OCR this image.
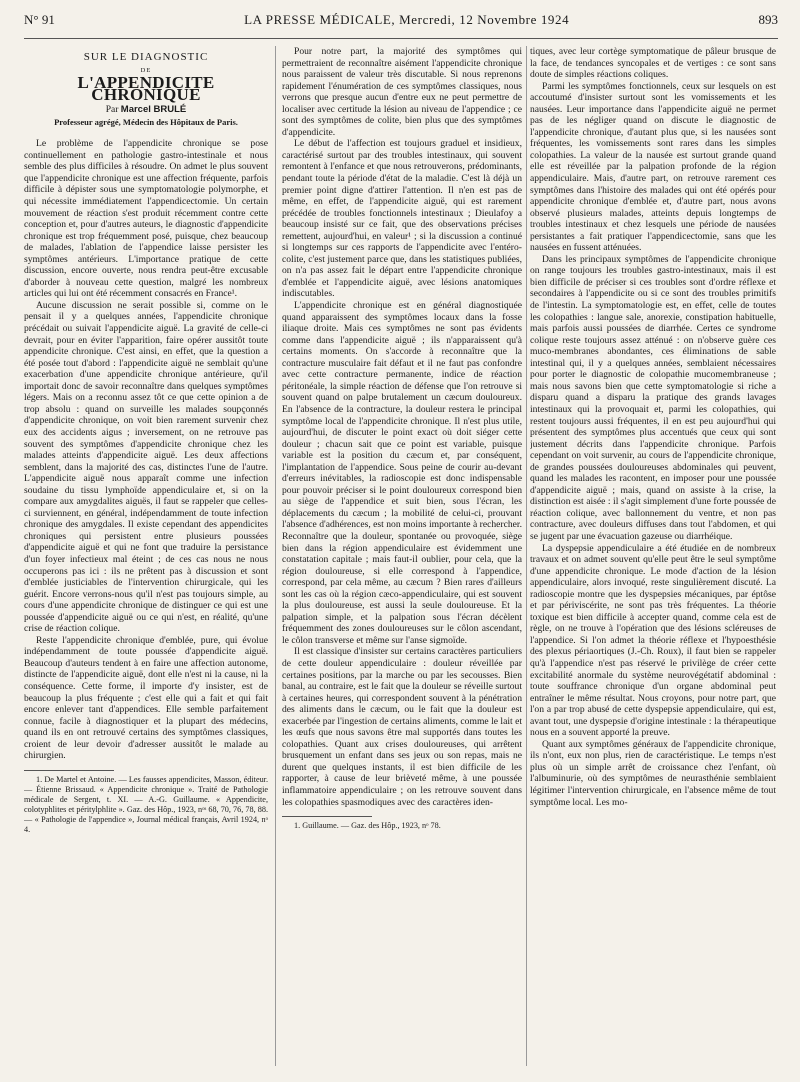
N° 91	LA PRESSE MÉDICALE, Mercredi, 12 Novembre 1924	893
SUR LE DIAGNOSTIC
DE
L'APPENDICITE CHRONIQUE
Par Marcel BRULÉ
Professeur agrégé, Médecin des Hôpitaux de Paris.

Le problème de l'appendicite chronique se pose continuellement en pathologie gastro-intestinale et nous semble des plus difficiles à résoudre. On admet le plus souvent que l'appendicite chronique est une affection fréquente, parfois difficile à dépister sous une symptomatologie polymorphe, et qui nécessite immédiatement l'appendicectomie. Un certain mouvement de réaction s'est produit récemment contre cette conception et, pour d'autres auteurs, le diagnostic d'appendicite chronique est trop fréquemment posé, puisque, chez beaucoup de malades, l'ablation de l'appendice laisse persister les symptômes antérieurs. L'importance pratique de cette discussion, encore ouverte, nous rendra peut-être excusable d'aborder à nouveau cette question, malgré les nombreux articles qui lui ont été récemment consacrés en France¹.

Aucune discussion ne serait possible si, comme on le pensait il y a quelques années, l'appendicite chronique précédait ou suivait l'appendicite aiguë. La gravité de celle-ci devrait, pour en éviter l'apparition, faire opérer aussitôt toute appendicite chronique. C'est ainsi, en effet, que la question a été posée tout d'abord : l'appendicite aiguë ne semblait qu'une exacerbation d'une appendicite chronique antérieure, qu'il importait donc de savoir reconnaître dans quelques symptômes légers. Mais on a reconnu assez tôt ce que cette opinion a de trop absolu : quand on surveille les malades soupçonnés d'appendicite chronique, on voit bien rarement survenir chez eux des accidents aigus ; inversement, on ne retrouve pas souvent des symptômes d'appendicite chronique chez les malades atteints d'appendicite aiguë. Les deux affections semblent, dans la majorité des cas, distinctes l'une de l'autre. L'appendicite aiguë nous apparaît comme une infection soudaine du tissu lymphoïde appendiculaire et, si on la compare aux amygdalites aiguës, il faut se rappeler que celles-ci surviennent, en général, indépendamment de toute infection chronique des amygdales. Il existe cependant des appendicites chroniques qui persistent entre plusieurs poussées d'appendicite aiguë et qui ne font que traduire la persistance d'un foyer infectieux mal éteint ; de ces cas nous ne nous occuperons pas ici : ils ne prêtent pas à discussion et sont d'emblée justiciables de l'intervention chirurgicale, qui les guérit. Encore verrons-nous qu'il n'est pas toujours simple, au cours d'une appendicite chronique de distinguer ce qui est une poussée d'appendicite aiguë ou ce qui n'est, en réalité, qu'une crise de réaction colique.

Reste l'appendicite chronique d'emblée, pure, qui évolue indépendamment de toute poussée d'appendicite aiguë. Beaucoup d'auteurs tendent à en faire une affection autonome, distincte de l'appendicite aiguë, dont elle n'est ni la cause, ni la conséquence. Cette forme, il importe d'y insister, est de beaucoup la plus fréquente ; c'est elle qui a fait et qui fait encore enlever tant d'appendices. Elle semble parfaitement connue, facile à diagnostiquer et la plupart des médecins, quand ils en ont retrouvé certains des symptômes classiques, croient de leur devoir d'adresser aussitôt le malade au chirurgien.

1. De Martel et Antoine. — Les fausses appendicites, Masson, éditeur. — Étienne Brissaud. « Appendicite chronique ». Traité de Pathologie médicale de Sergent, t. XI. — A.-G. Guillaume. « Appendicite, colotyphlites et péritylphlite ». Gaz. des Hôp., 1923, nᵒˢ 68, 70, 76, 78, 88. — « Pathologie de l'appendice », Journal médical français, Avril 1924, nᵒ 4.

Pour notre part, la majorité des symptômes qui permettraient de reconnaître aisément l'appendicite chronique nous paraissent de valeur très discutable. Si nous reprenons rapidement l'énumération de ces symptômes classiques, nous verrons que presque aucun d'entre eux ne peut permettre de localiser avec certitude la lésion au niveau de l'appendice ; ce sont des symptômes de colite, bien plus que des symptômes d'appendicite.

Le début de l'affection est toujours graduel et insidieux, caractérisé surtout par des troubles intestinaux, qui souvent remontent à l'enfance et que nous retrouverons, prédominants, pendant toute la période d'état de la maladie. C'est là déjà un premier point digne d'attirer l'attention. Il n'en est pas de même, en effet, de l'appendicite aiguë, qui est rarement précédée de troubles fonctionnels intestinaux ; Dieulafoy a beaucoup insisté sur ce fait, que des observations précises remettent, aujourd'hui, en valeur¹ ; si la discussion a continué si longtemps sur ces rapports de l'appendicite avec l'entéro-colite, c'est justement parce que, dans les statistiques publiées, on n'a pas assez fait le départ entre l'appendicite chronique d'emblée et l'appendicite aiguë, avec lésions anatomiques indiscutables.

L'appendicite chronique est en général diagnostiquée quand apparaissent des symptômes locaux dans la fosse iliaque droite. Mais ces symptômes ne sont pas évidents comme dans l'appendicite aiguë ; ils n'apparaissent qu'à certains moments. On s'accorde à reconnaître que la contracture musculaire fait défaut et il ne faut pas confondre avec cette contracture permanente, indice de réaction péritonéale, la simple réaction de défense que l'on retrouve si souvent quand on palpe brutalement un cæcum douloureux. En l'absence de la contracture, la douleur restera le principal symptôme local de l'appendicite chronique. Il n'est plus utile, aujourd'hui, de discuter le point exact où doit siéger cette douleur ; chacun sait que ce point est variable, puisque variable est la position du cæcum et, par conséquent, l'implantation de l'appendice. Sous peine de courir au-devant d'erreurs inévitables, la radioscopie est donc indispensable pour pouvoir préciser si le point douloureux correspond bien au siège de l'appendice et suit bien, sous l'écran, les déplacements du cæcum ; la mobilité de celui-ci, prouvant l'absence d'adhérences, est non moins importante à rechercher. Reconnaître que la douleur, spontanée ou provoquée, siège bien dans la région appendiculaire est évidemment une constatation capitale ; mais faut-il oublier, pour cela, que la région douloureuse, si elle correspond à l'appendice, correspond, par cela même, au cæcum ? Bien rares d'ailleurs sont les cas où la région cæco-appendiculaire, qui est souvent la plus douloureuse, est aussi la seule douloureuse. Et la palpation simple, et la palpation sous l'écran décèlent fréquemment des zones douloureuses sur le côlon ascendant, le côlon transverse et même sur l'anse sigmoïde.

Il est classique d'insister sur certains caractères particuliers de cette douleur appendiculaire : douleur réveillée par certaines positions, par la marche ou par les secousses. Bien banal, au contraire, est le fait que la douleur se réveille surtout à certaines heures, qui correspondent souvent à la pénétration des aliments dans le cæcum, ou le fait que la douleur est exacerbée par l'ingestion de certains aliments, comme le lait et les œufs que nous savons être mal supportés dans toutes les colopathies. Quant aux crises douloureuses, qui arrêtent brusquement un enfant dans ses jeux ou son repas, mais ne durent que quelques instants, il est bien difficile de les rapporter, à cause de leur brièveté même, à une poussée inflammatoire appendiculaire ; on les retrouve souvent dans les colopathies spasmodiques avec des caractères iden-

1. Guillaume. — Gaz. des Hôp., 1923, nᵒ 78.

tiques, avec leur cortège symptomatique de pâleur brusque de la face, de tendances syncopales et de vertiges : ce sont sans doute de simples réactions coliques.

Parmi les symptômes fonctionnels, ceux sur lesquels on est accoutumé d'insister surtout sont les vomissements et les nausées. Leur importance dans l'appendicite aiguë ne permet pas de les négliger quand on discute le diagnostic de l'appendicite chronique, d'autant plus que, si les nausées sont fréquentes, les vomissements sont rares dans les simples colopathies. La valeur de la nausée est surtout grande quand elle est réveillée par la palpation profonde de la région appendiculaire. Mais, d'autre part, on retrouve rarement ces symptômes dans l'histoire des malades qui ont été opérés pour appendicite chronique d'emblée et, d'autre part, nous avons observé plusieurs malades, atteints depuis longtemps de troubles intestinaux et chez lesquels une période de nausées persistantes a fait pratiquer l'appendicectomie, sans que les nausées en fussent atténuées.

Dans les principaux symptômes de l'appendicite chronique on range toujours les troubles gastro-intestinaux, mais il est bien difficile de préciser si ces troubles sont d'ordre réflexe et secondaires à l'appendicite ou si ce sont des troubles primitifs de l'intestin. La symptomatologie est, en effet, celle de toutes les colopathies : langue sale, anorexie, constipation habituelle, mais parfois aussi poussées de diarrhée. Certes ce syndrome colique reste toujours assez atténué : on n'observe guère ces muco-membranes abondantes, ces éliminations de sable intestinal qui, il y a quelques années, semblaient nécessaires pour porter le diagnostic de colopathie mucomembraneuse ; mais nous savons bien que cette symptomatologie si riche a disparu quand a disparu la pratique des grands lavages intestinaux qui la provoquait et, parmi les colopathies, qui restent toujours aussi fréquentes, il en est peu aujourd'hui qui présentent des symptômes plus accentués que ceux qui sont justement décrits dans l'appendicite chronique. Parfois cependant on voit survenir, au cours de l'appendicite chronique, de grandes poussées douloureuses abdominales qui peuvent, quand les malades les racontent, en imposer pour une poussée d'appendicite aiguë ; mais, quand on assiste à la crise, la distinction est aisée : il s'agit simplement d'une forte poussée de réaction colique, avec ballonnement du ventre, et non pas contracture, avec douleurs diffuses dans tout l'abdomen, et qui se jugent par une évacuation gazeuse ou diarrhéique.

La dyspepsie appendiculaire a été étudiée en de nombreux travaux et on admet souvent qu'elle peut être le seul symptôme d'une appendicite chronique. Le mode d'action de la lésion appendiculaire, alors invoqué, reste singulièrement discuté. La radioscopie montre que les dyspepsies mécaniques, par éptôse et par périviscérite, ne sont pas très fréquentes. La théorie toxique est bien difficile à accepter quand, comme cela est de règle, on ne trouve à l'opération que des lésions scléreuses de l'appendice. Si l'on admet la théorie réflexe et l'hypoesthésie des plexus périaortiques (J.-Ch. Roux), il faut bien se rappeler qu'à l'appendice n'est pas réservé le privilège de créer cette excitabilité anormale du système neurovégétatif abdominal : toute souffrance chronique d'un organe abdominal peut entraîner le même résultat. Nous croyons, pour notre part, que l'on a par trop abusé de cette dyspepsie appendiculaire, qui est, avant tout, une dyspepsie d'origine intestinale : la thérapeutique nous en a souvent apporté la preuve.

Quant aux symptômes généraux de l'appendicite chronique, ils n'ont, eux non plus, rien de caractéristique. Le temps n'est plus où un simple arrêt de croissance chez l'enfant, où l'albuminurie, où des symptômes de neurasthénie semblaient légitimer l'intervention chirurgicale, en l'absence même de tout symptôme local. Les mo-
